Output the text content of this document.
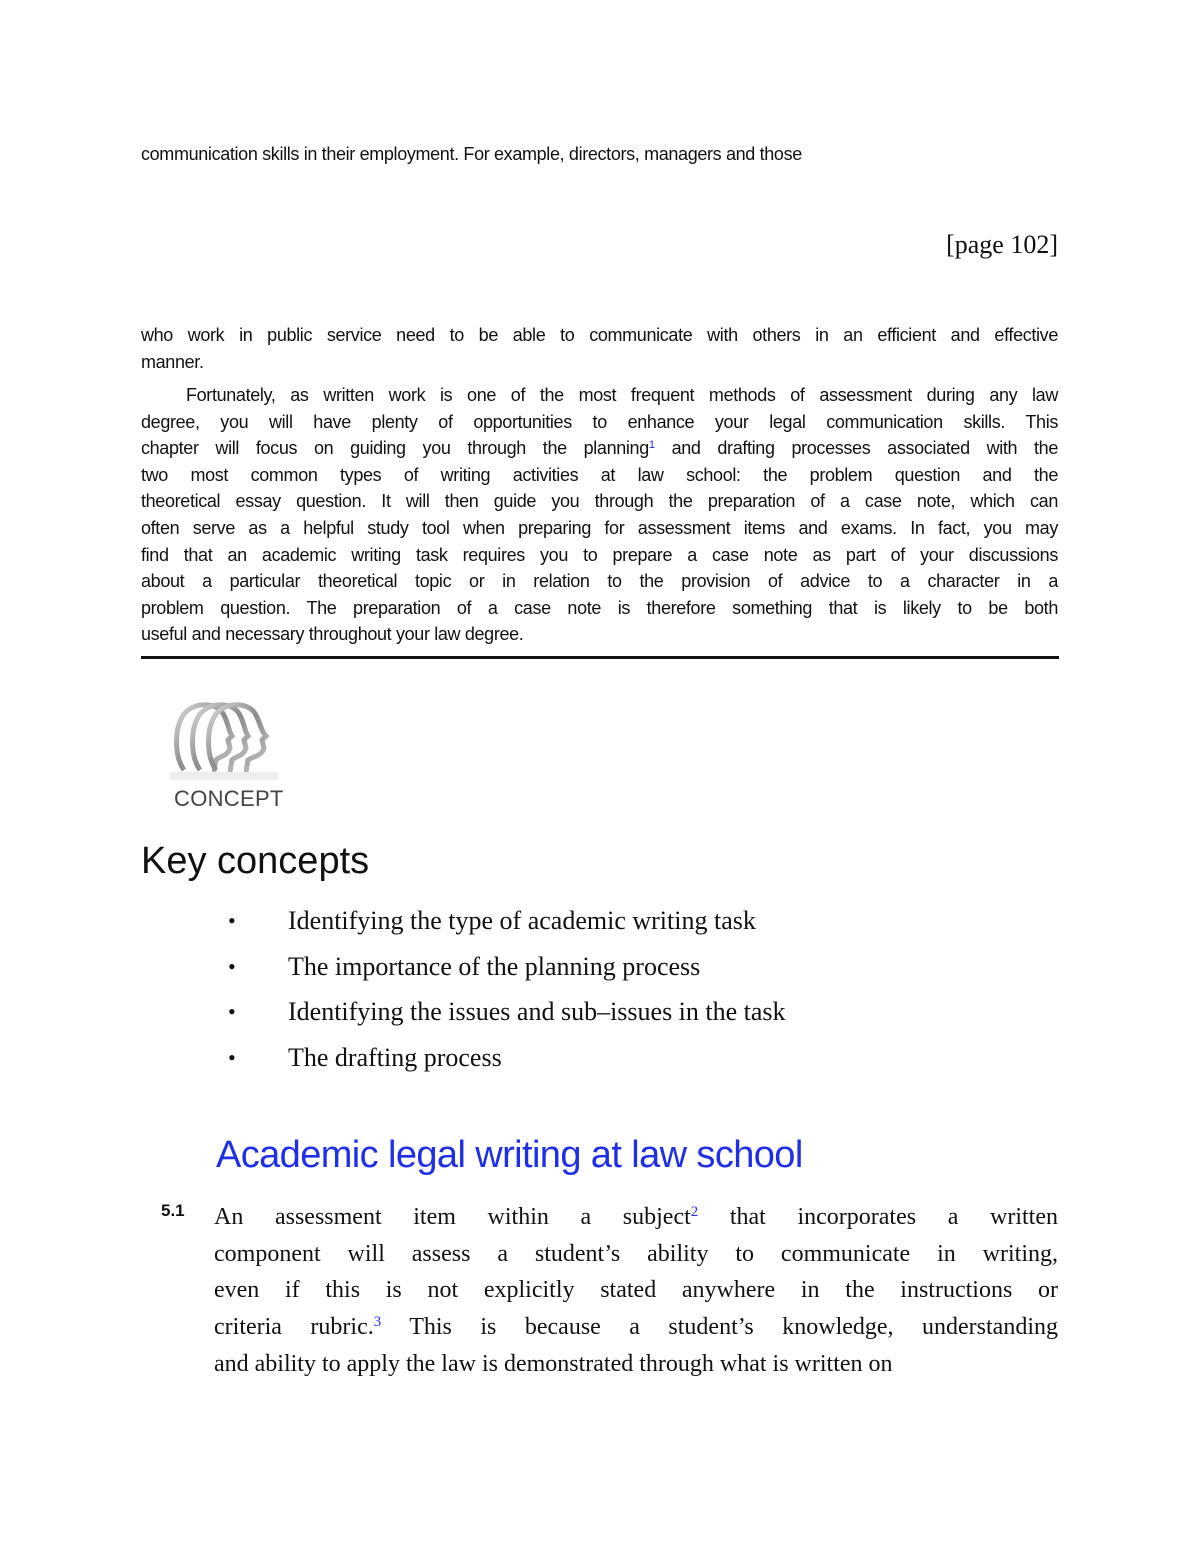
communication skills in their employment. For example, directors, managers and those
[page 102]
who work in public service need to be able to communicate with others in an efficient and effective
manner.
Fortunately, as written work is one of the most frequent methods of assessment during any law
degree, you will have plenty of opportunities to enhance your legal communication skills. This
chapter will focus on guiding you through the planning$^1$ and drafting processes associated with the
two most common types of writing activities at law school: the problem question and the
theoretical essay question. It will then guide you through the preparation of a case note, which can
often serve as a helpful study tool when preparing for assessment items and exams. In fact, you may
find that an academic writing task requires you to prepare a case note as part of your discussions
about a particular theoretical topic or in relation to the provision of advice to a character in a
problem question. The preparation of a case note is therefore something that is likely to be both
useful and necessary throughout your law degree.
CONCEPT
Key concepts
•	Identifying the type of academic writing task
•	The importance of the planning process
•	Identifying the issues and sub–issues in the task
•	The drafting process
Academic legal writing at law school
5.1 An assessment item within a subject$^2$ that incorporates a written
component will assess a student’s ability to communicate in writing,
even if this is not explicitly stated anywhere in the instructions or
criteria rubric.$^3$ This is because a student’s knowledge, understanding
and ability to apply the law is demonstrated through what is written on
